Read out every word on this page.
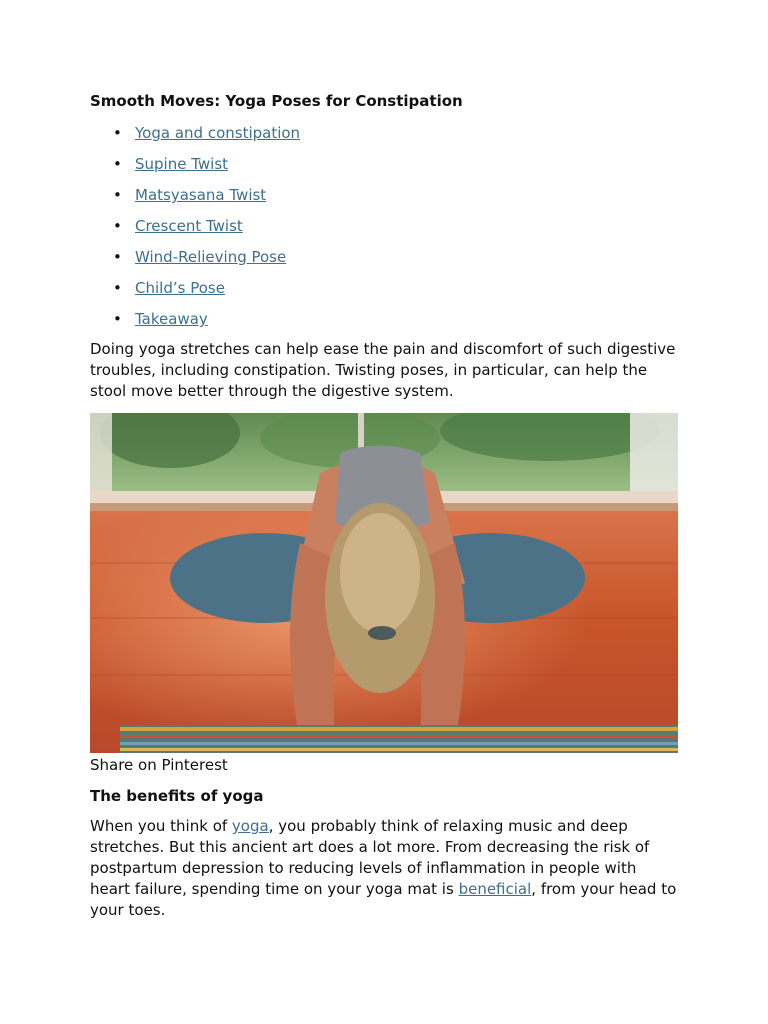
Smooth Moves: Yoga Poses for Constipation
• Yoga and constipation
• Supine Twist
• Matsyasana Twist
• Crescent Twist
• Wind-Relieving Pose
• Child’s Pose
• Takeaway

Doing yoga stretches can help ease the pain and discomfort of such digestive troubles, including constipation. Twisting poses, in particular, can help the stool move better through the digestive system.

Share on Pinterest
The benefits of yoga

When you think of yoga, you probably think of relaxing music and deep stretches. But this ancient art does a lot more. From decreasing the risk of postpartum depression to reducing levels of inflammation in people with heart failure, spending time on your yoga mat is beneficial, from your head to your toes.
